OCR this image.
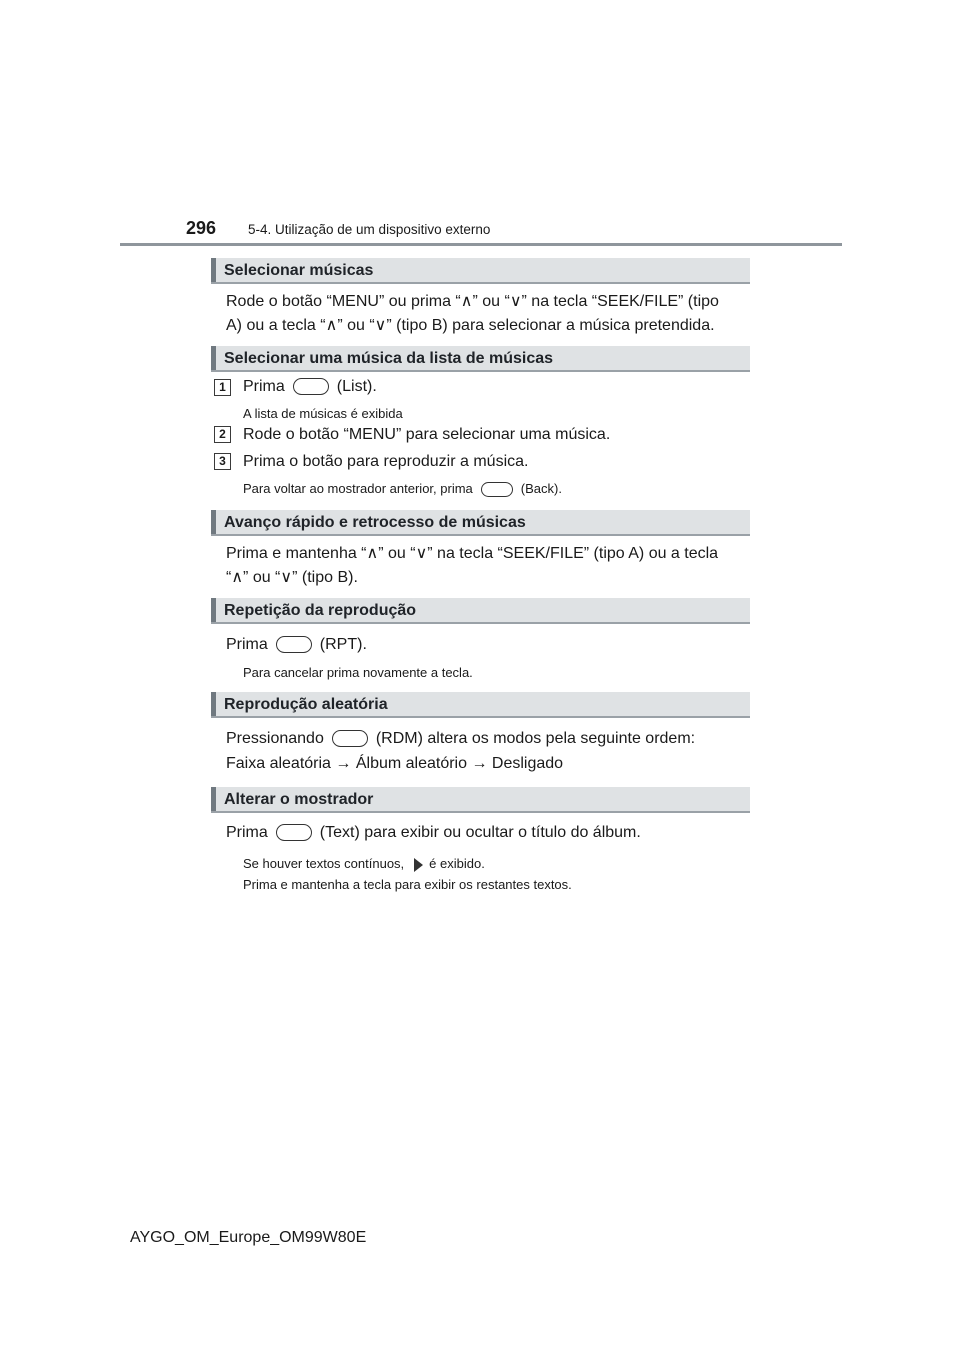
296 5-4. Utilização de um dispositivo externo
Selecionar músicas
Rode o botão “MENU” ou prima “∧” ou “∨” na tecla “SEEK/FILE” (tipo
A) ou a tecla “∧” ou “∨” (tipo B) para selecionar a música pretendida.
Selecionar uma música da lista de músicas
1	Prima	(List).
A lista de músicas é exibida
2	Rode o botão “MENU” para selecionar uma música.
3	Prima o botão para reproduzir a música.
Para voltar ao mostrador anterior, prima	(Back).
Avanço rápido e retrocesso de músicas
Prima e mantenha “∧” ou “∨” na tecla “SEEK/FILE” (tipo A) ou a tecla
“∧” ou “∨” (tipo B).
Repetição da reprodução
Prima	(RPT).
Para cancelar prima novamente a tecla.
Reprodução aleatória
Pressionando	(RDM) altera os modos pela seguinte ordem:
Faixa aleatória → Álbum aleatório → Desligado
Alterar o mostrador
Prima	(Text) para exibir ou ocultar o título do álbum.
Se houver textos contínuos, é exibido.
Prima e mantenha a tecla para exibir os restantes textos.
AYGO_OM_Europe_OM99W80E
